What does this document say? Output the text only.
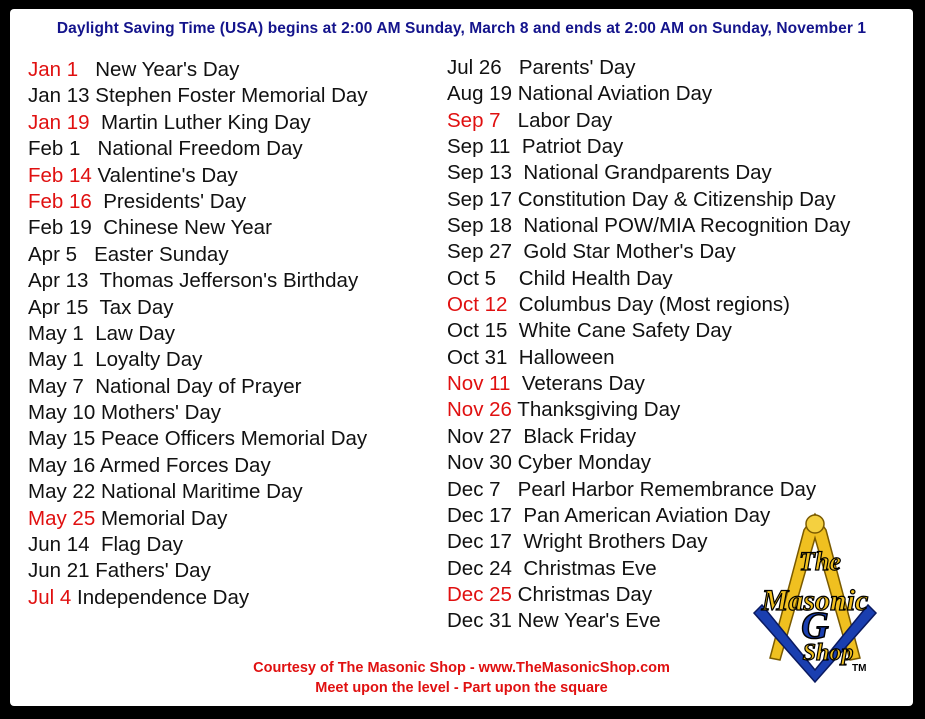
Daylight Saving Time (USA) begins at 2:00 AM Sunday, March 8 and ends at 2:00 AM on Sunday, November 1
Jan 1 New Year's Day
Jan 13 Stephen Foster Memorial Day
Jan 19 Martin Luther King Day
Feb 1 National Freedom Day
Feb 14 Valentine's Day
Feb 16 Presidents' Day
Feb 19 Chinese New Year
Apr 5 Easter Sunday
Apr 13 Thomas Jefferson's Birthday
Apr 15 Tax Day
May 1 Law Day
May 1 Loyalty Day
May 7 National Day of Prayer
May 10 Mothers' Day
May 15 Peace Officers Memorial Day
May 16 Armed Forces Day
May 22 National Maritime Day
May 25 Memorial Day
Jun 14 Flag Day
Jun 21 Fathers' Day
Jul 4 Independence Day
Jul 26 Parents' Day
Aug 19 National Aviation Day
Sep 7 Labor Day
Sep 11 Patriot Day
Sep 13 National Grandparents Day
Sep 17 Constitution Day & Citizenship Day
Sep 18 National POW/MIA Recognition Day
Sep 27 Gold Star Mother's Day
Oct 5 Child Health Day
Oct 12 Columbus Day (Most regions)
Oct 15 White Cane Safety Day
Oct 31 Halloween
Nov 11 Veterans Day
Nov 26 Thanksgiving Day
Nov 27 Black Friday
Nov 30 Cyber Monday
Dec 7 Pearl Harbor Remembrance Day
Dec 17 Pan American Aviation Day
Dec 17 Wright Brothers Day
Dec 24 Christmas Eve
Dec 25 Christmas Day
Dec 31 New Year's Eve
Courtesy of The Masonic Shop - www.TheMasonicShop.com
Meet upon the level - Part upon the square
G
The
Masonic
Shop
TM
